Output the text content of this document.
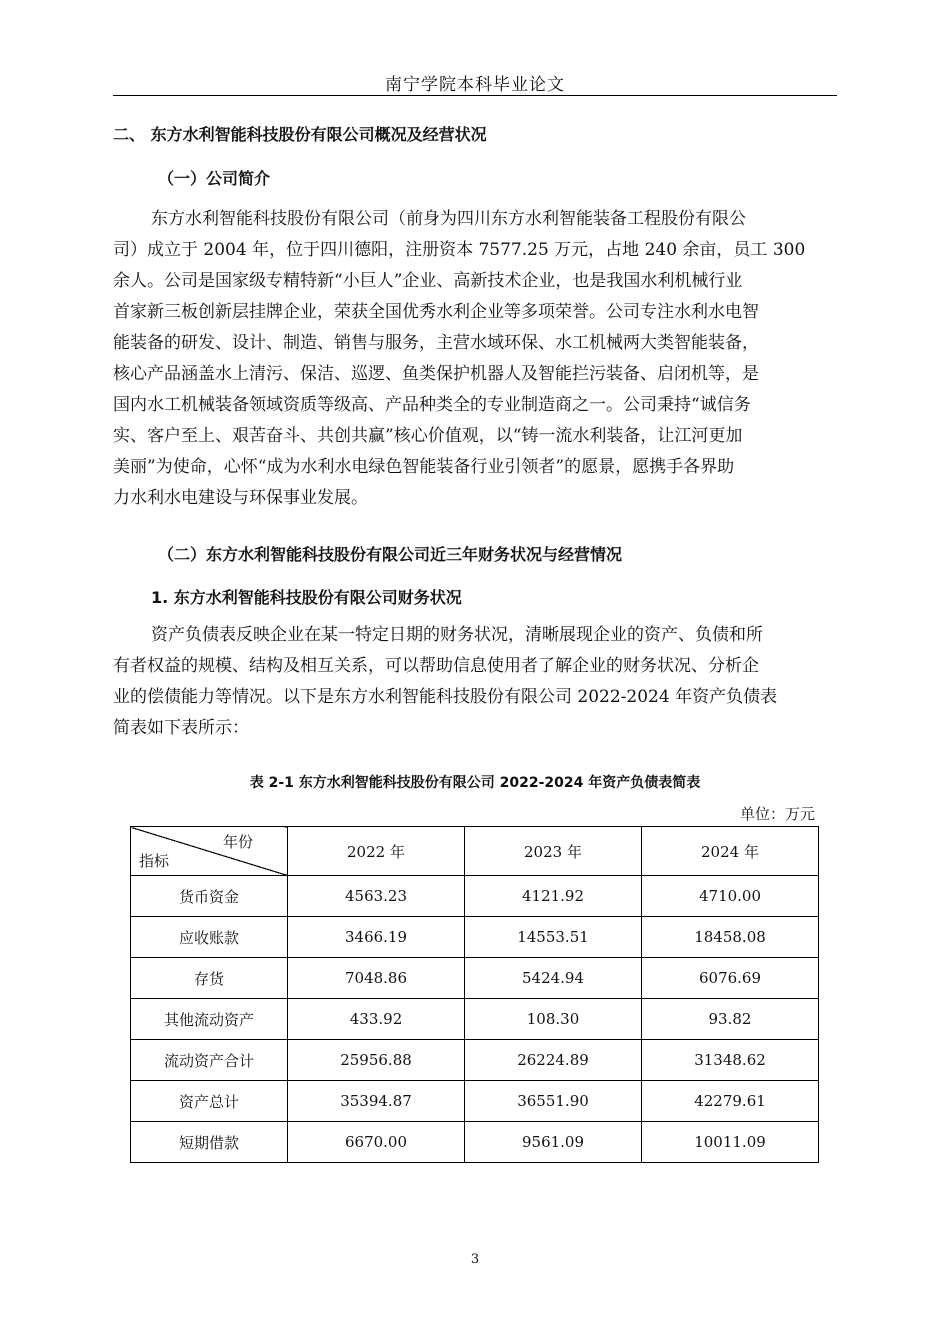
南宁学院本科毕业论文
二、 东方水利智能科技股份有限公司概况及经营状况
（一）公司简介
东方水利智能科技股份有限公司（前身为四川东方水利智能装备工程股份有限公
司）成立于 2004 年，位于四川德阳，注册资本 7577.25 万元，占地 240 余亩，员工 300
余人。公司是国家级专精特新“小巨人”企业、高新技术企业，也是我国水利机械行业
首家新三板创新层挂牌企业，荣获全国优秀水利企业等多项荣誉。公司专注水利水电智
能装备的研发、设计、制造、销售与服务，主营水域环保、水工机械两大类智能装备，
核心产品涵盖水上清污、保洁、巡逻、鱼类保护机器人及智能拦污装备、启闭机等，是
国内水工机械装备领域资质等级高、产品种类全的专业制造商之一。公司秉持“诚信务
实、客户至上、艰苦奋斗、共创共赢”核心价值观，以“铸一流水利装备，让江河更加
美丽”为使命，心怀“成为水利水电绿色智能装备行业引领者”的愿景，愿携手各界助
力水利水电建设与环保事业发展。
（二）东方水利智能科技股份有限公司近三年财务状况与经营情况
1. 东方水利智能科技股份有限公司财务状况
资产负债表反映企业在某一特定日期的财务状况，清晰展现企业的资产、负债和所
有者权益的规模、结构及相互关系，可以帮助信息使用者了解企业的财务状况、分析企
业的偿债能力等情况。以下是东方水利智能科技股份有限公司 2022-2024 年资产负债表
简表如下表所示：
表 2-1 东方水利智能科技股份有限公司 2022-2024 年资产负债表简表
单位：万元
年份
指标	2022 年	2023 年	2024 年
货币资金	4563.23	4121.92	4710.00
应收账款	3466.19	14553.51	18458.08
存货	7048.86	5424.94	6076.69
其他流动资产	433.92	108.30	93.82
流动资产合计	25956.88	26224.89	31348.62
资产总计	35394.87	36551.90	42279.61
短期借款	6670.00	9561.09	10011.09
3
